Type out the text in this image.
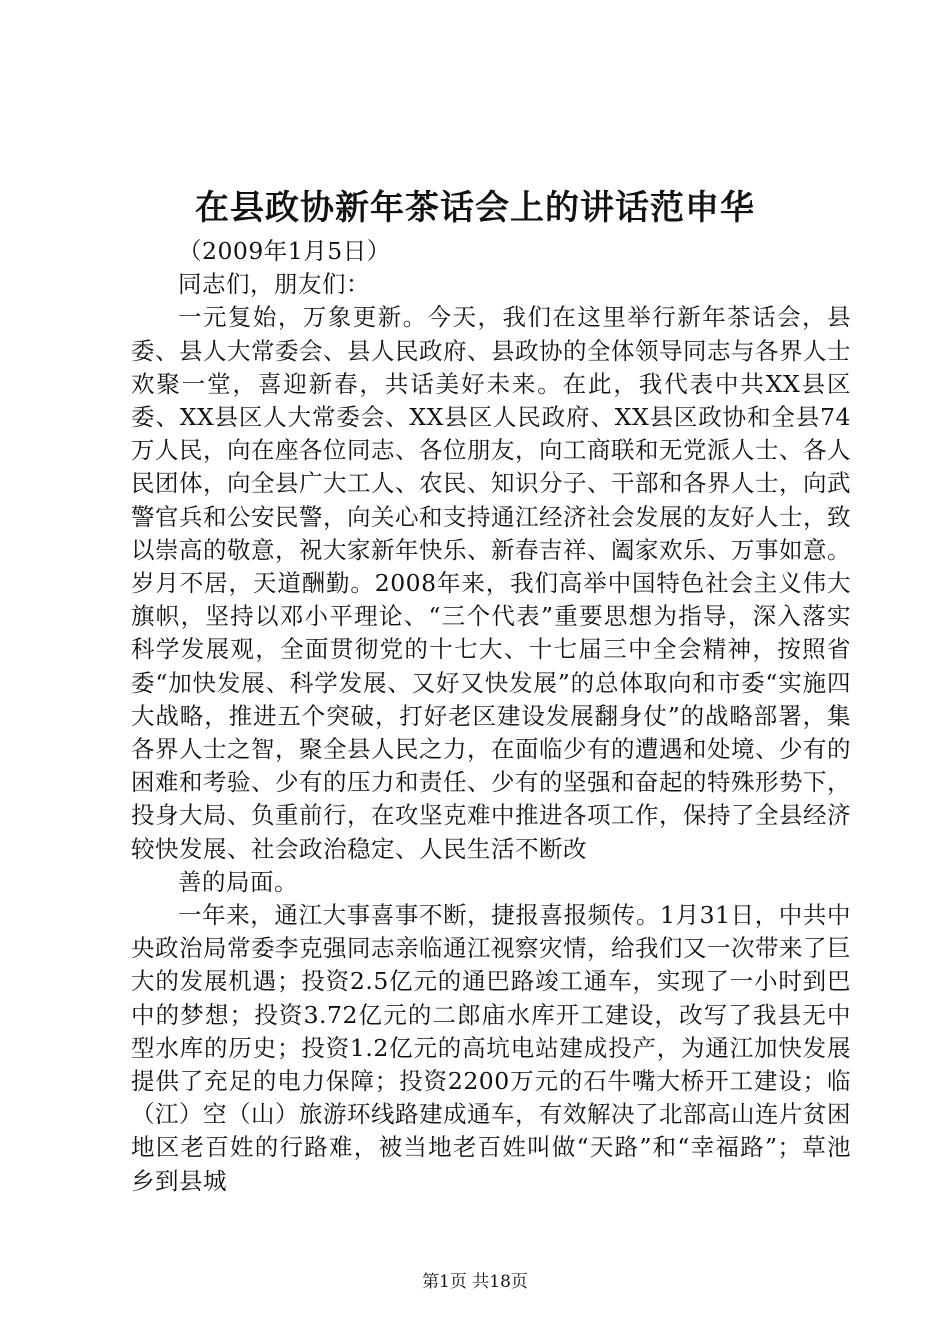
在县政协新年茶话会上的讲话范申华

（2009年1月5日）

同志们，朋友们：

一元复始，万象更新。今天，我们在这里举行新年茶话会，县委、县人大常委会、县人民政府、县政协的全体领导同志与各界人士欢聚一堂，喜迎新春，共话美好未来。在此，我代表中共XX县区委、XX县区人大常委会、XX县区人民政府、XX县区政协和全县74万人民，向在座各位同志、各位朋友，向工商联和无党派人士、各人民团体，向全县广大工人、农民、知识分子、干部和各界人士，向武警官兵和公安民警，向关心和支持通江经济社会发展的友好人士，致以崇高的敬意，祝大家新年快乐、新春吉祥、阖家欢乐、万事如意。岁月不居，天道酬勤。2008年来，我们高举中国特色社会主义伟大旗帜，坚持以邓小平理论、“三个代表”重要思想为指导，深入落实科学发展观，全面贯彻党的十七大、十七届三中全会精神，按照省委“加快发展、科学发展、又好又快发展”的总体取向和市委“实施四大战略，推进五个突破，打好老区建设发展翻身仗”的战略部署，集各界人士之智，聚全县人民之力，在面临少有的遭遇和处境、少有的困难和考验、少有的压力和责任、少有的坚强和奋起的特殊形势下，投身大局、负重前行，在攻坚克难中推进各项工作，保持了全县经济较快发展、社会政治稳定、人民生活不断改

善的局面。

一年来，通江大事喜事不断，捷报喜报频传。1月31日，中共中央政治局常委李克强同志亲临通江视察灾情，给我们又一次带来了巨大的发展机遇；投资2.5亿元的通巴路竣工通车，实现了一小时到巴中的梦想；投资3.72亿元的二郎庙水库开工建设，改写了我县无中型水库的历史；投资1.2亿元的高坑电站建成投产，为通江加快发展提供了充足的电力保障；投资2200万元的石牛嘴大桥开工建设；临（江）空（山）旅游环线路建成通车，有效解决了北部高山连片贫困地区老百姓的行路难，被当地老百姓叫做“天路”和“幸福路”；草池乡到县城

第1页 共18页
